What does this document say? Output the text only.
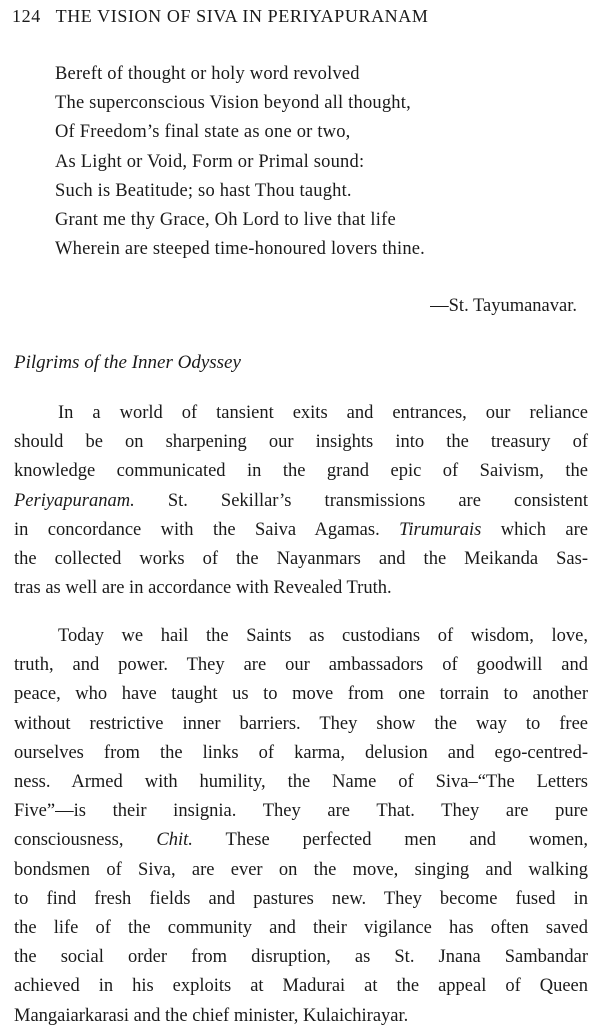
124 THE VISION OF SIVA IN PERIYAPURANAM
Bereft of thought or holy word revolved
The superconscious Vision beyond all thought,
Of Freedom’s final state as one or two,
As Light or Void, Form or Primal sound:
Such is Beatitude; so hast Thou taught.
Grant me thy Grace, Oh Lord to live that life
Wherein are steeped time-honoured lovers thine.
—St. Tayumanavar.
Pilgrims of the Inner Odyssey
In a world of tansient exits and entrances, our reliance
should be on sharpening our insights into the treasury of
knowledge communicated in the grand epic of Saivism, the
Periyapuranam. St. Sekillar’s transmissions are consistent
in concordance with the Saiva Agamas. Tirumurais which are
the collected works of the Nayanmars and the Meikanda Sas-
tras as well are in accordance with Revealed Truth.
Today we hail the Saints as custodians of wisdom, love,
truth, and power. They are our ambassadors of goodwill and
peace, who have taught us to move from one torrain to another
without restrictive inner barriers. They show the way to free
ourselves from the links of karma, delusion and ego-centred-
ness. Armed with humility, the Name of Siva–“The Letters
Five”—is their insignia. They are That. They are pure
consciousness, Chit. These perfected men and women,
bondsmen of Siva, are ever on the move, singing and walking
to find fresh fields and pastures new. They become fused in
the life of the community and their vigilance has often saved
the social order from disruption, as St. Jnana Sambandar
achieved in his exploits at Madurai at the appeal of Queen
Mangaiarkarasi and the chief minister, Kulaichirayar.
